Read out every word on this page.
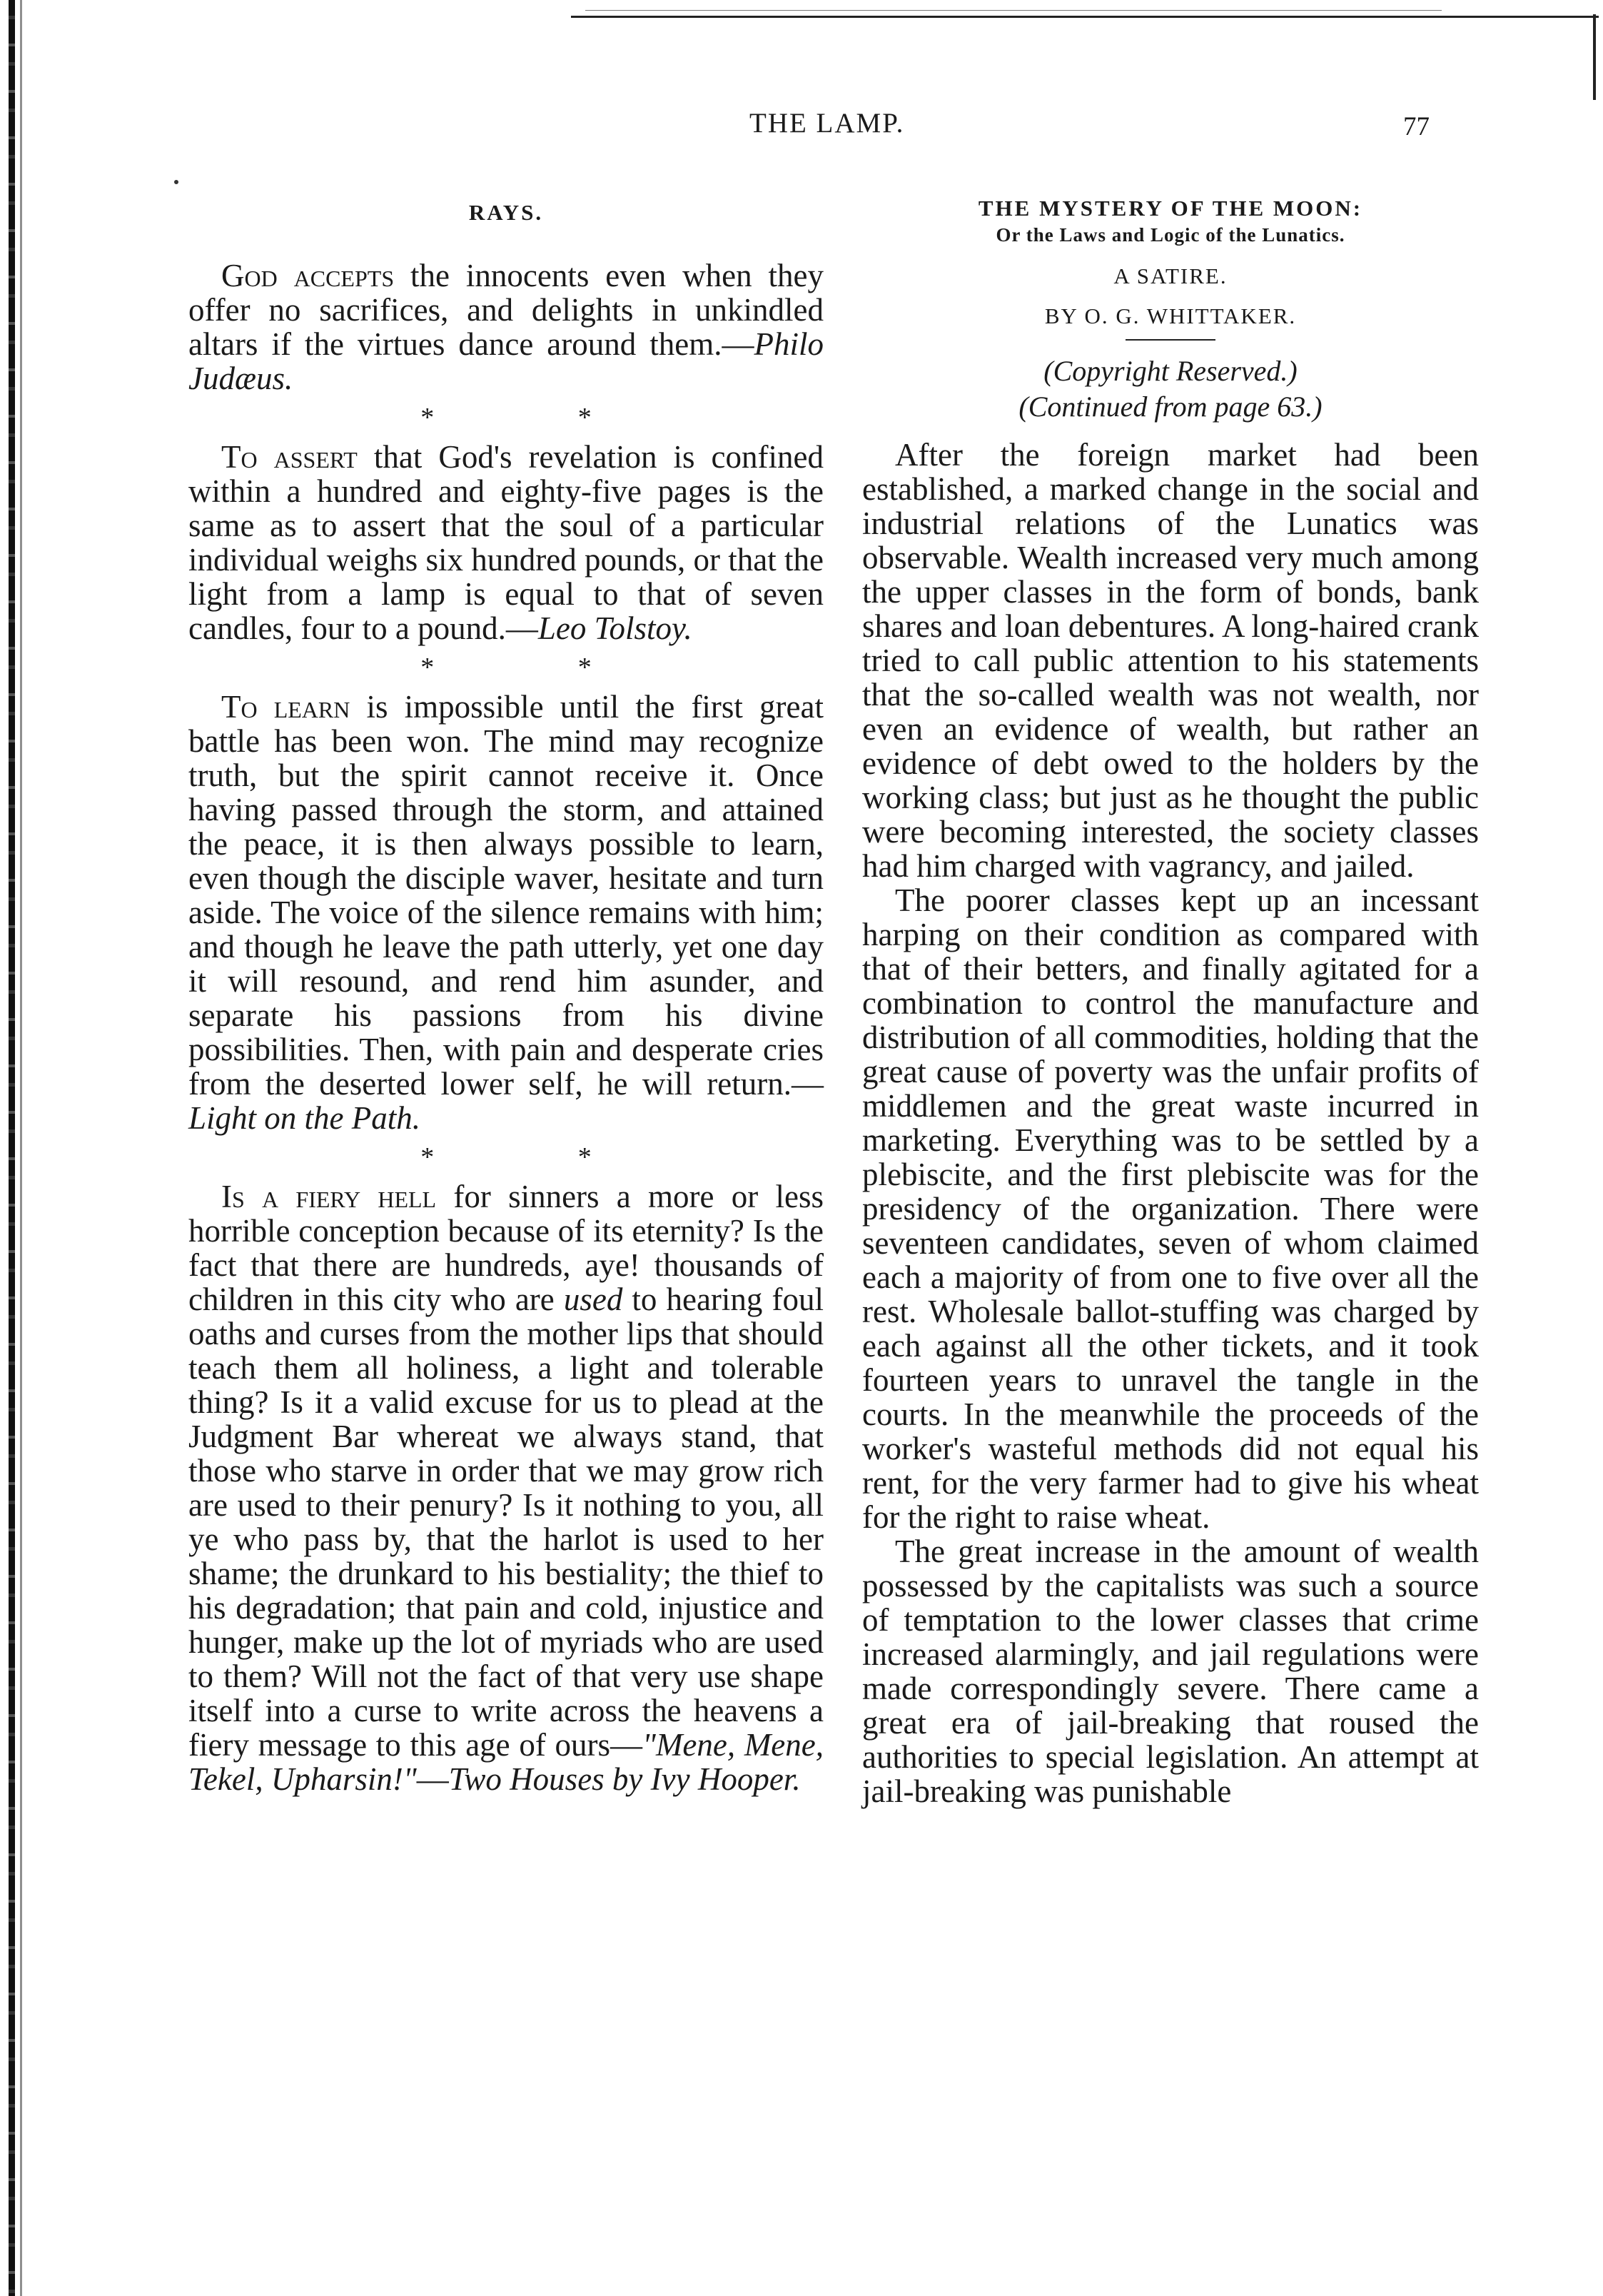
THE LAMP.	77
RAYS.

God accepts the innocents even when they offer no sacrifices, and delights in unkindled altars if the virtues dance around them.—Philo Judæus.

* *

To assert that God's revelation is confined within a hundred and eighty-five pages is the same as to assert that the soul of a particular individual weighs six hundred pounds, or that the light from a lamp is equal to that of seven candles, four to a pound.—Leo Tolstoy.

* *

To learn is impossible until the first great battle has been won. The mind may recognize truth, but the spirit cannot receive it. Once having passed through the storm, and attained the peace, it is then always possible to learn, even though the disciple waver, hesitate and turn aside. The voice of the silence remains with him; and though he leave the path utterly, yet one day it will resound, and rend him asunder, and separate his passions from his divine possibilities. Then, with pain and desperate cries from the deserted lower self, he will return.—Light on the Path.

* *

Is a fiery hell for sinners a more or less horrible conception because of its eternity? Is the fact that there are hundreds, aye! thousands of children in this city who are used to hearing foul oaths and curses from the mother lips that should teach them all holiness, a light and tolerable thing? Is it a valid excuse for us to plead at the Judgment Bar whereat we always stand, that those who starve in order that we may grow rich are used to their penury? Is it nothing to you, all ye who pass by, that the harlot is used to her shame; the drunkard to his bestiality; the thief to his degradation; that pain and cold, injustice and hunger, make up the lot of myriads who are used to them? Will not the fact of that very use shape itself into a curse to write across the heavens a fiery message to this age of ours—"Mene, Mene, Tekel, Upharsin!"—Two Houses by Ivy Hooper.

THE MYSTERY OF THE MOON:
Or the Laws and Logic of the Lunatics.
A SATIRE.
BY O. G. WHITTAKER.
(Copyright Reserved.)
(Continued from page 63.)

After the foreign market had been established, a marked change in the social and industrial relations of the Lunatics was observable. Wealth increased very much among the upper classes in the form of bonds, bank shares and loan debentures. A long-haired crank tried to call public attention to his statements that the so-called wealth was not wealth, nor even an evidence of wealth, but rather an evidence of debt owed to the holders by the working class; but just as he thought the public were becoming interested, the society classes had him charged with vagrancy, and jailed.

The poorer classes kept up an incessant harping on their condition as compared with that of their betters, and finally agitated for a combination to control the manufacture and distribution of all commodities, holding that the great cause of poverty was the unfair profits of middlemen and the great waste incurred in marketing. Everything was to be settled by a plebiscite, and the first plebiscite was for the presidency of the organization. There were seventeen candidates, seven of whom claimed each a majority of from one to five over all the rest. Wholesale ballot-stuffing was charged by each against all the other tickets, and it took fourteen years to unravel the tangle in the courts. In the meanwhile the proceeds of the worker's wasteful methods did not equal his rent, for the very farmer had to give his wheat for the right to raise wheat.

The great increase in the amount of wealth possessed by the capitalists was such a source of temptation to the lower classes that crime increased alarmingly, and jail regulations were made correspondingly severe. There came a great era of jail-breaking that roused the authorities to special legislation. An attempt at jail-breaking was punishable
